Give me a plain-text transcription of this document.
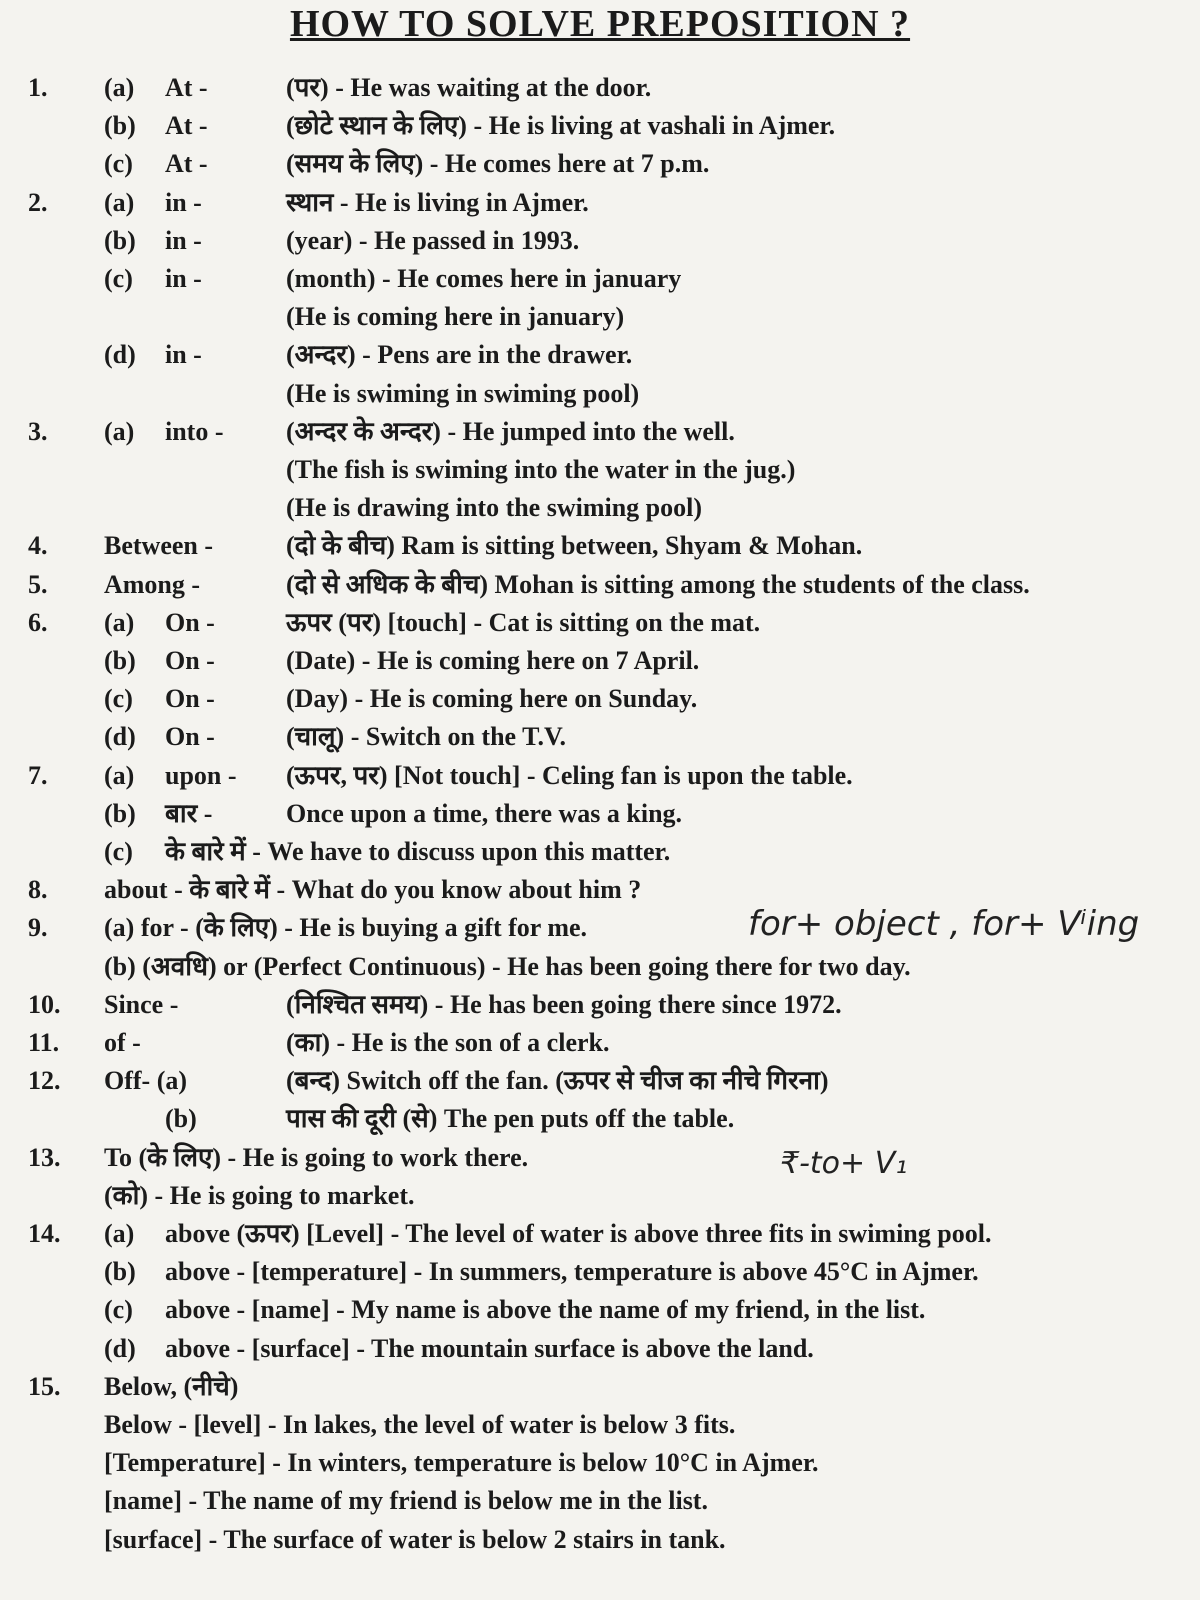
HOW TO SOLVE PREPOSITION ?
1. (a) At -	(पर) - He was waiting at the door.
(b) At -	(छोटे स्थान के लिए) - He is living at vashali in Ajmer.
(c) At -	(समय के लिए) - He comes here at 7 p.m.
2. (a) in -	स्थान - He is living in Ajmer.
(b) in -	(year) - He passed in 1993.
(c) in -	(month) - He comes here in january
(He is coming here in january)
(d) in -	(अन्दर) - Pens are in the drawer.
(He is swiming in swiming pool)
3. (a) into - (अन्दर के अन्दर) - He jumped into the well.
(The fish is swiming into the water in the jug.)
(He is drawing into the swiming pool)
4. Between -	(दो के बीच) Ram is sitting between, Shyam & Mohan.
5. Among -	(दो से अधिक के बीच) Mohan is sitting among the students of the class.
6. (a) On -	ऊपर (पर) [touch] - Cat is sitting on the mat.
(b) On -	(Date) - He is coming here on 7 April.
(c) On -	(Day) - He is coming here on Sunday.
(d) On -	(चालू) - Switch on the T.V.
7. (a) upon - (ऊपर, पर) [Not touch] - Celing fan is upon the table.
(b) बार -	Once upon a time, there was a king.
(c) के बारे में - We have to discuss upon this matter.
8. about - के बारे में - What do you know about him ?
9. (a) for - (के लिए) - He is buying a gift for me.
(b) (अवधि) or (Perfect Continuous) - He has been going there for two day.
10. Since -	(निश्चित समय) - He has been going there since 1972.
11. of -	(का) - He is the son of a clerk.
12. Off- (a)	(बन्द) Switch off the fan. (ऊपर से चीज का नीचे गिरना)
(b)	पास की दूरी (से) The pen puts off the table.
13. To (के लिए) - He is going to work there.
(को) - He is going to market.
14. (a) above (ऊपर) [Level] - The level of water is above three fits in swiming pool.
(b) above - [temperature] - In summers, temperature is above 45°C in Ajmer.
(c) above - [name] - My name is above the name of my friend, in the list.
(d) above - [surface] - The mountain surface is above the land.
15. Below, (नीचे)
Below - [level] - In lakes, the level of water is below 3 fits.
[Temperature] - In winters, temperature is below 10°C in Ajmer.
[name] - The name of my friend is below me in the list.
[surface] - The surface of water is below 2 stairs in tank.
for+ object , for+ Vⁱing
₹-to+ V₁
